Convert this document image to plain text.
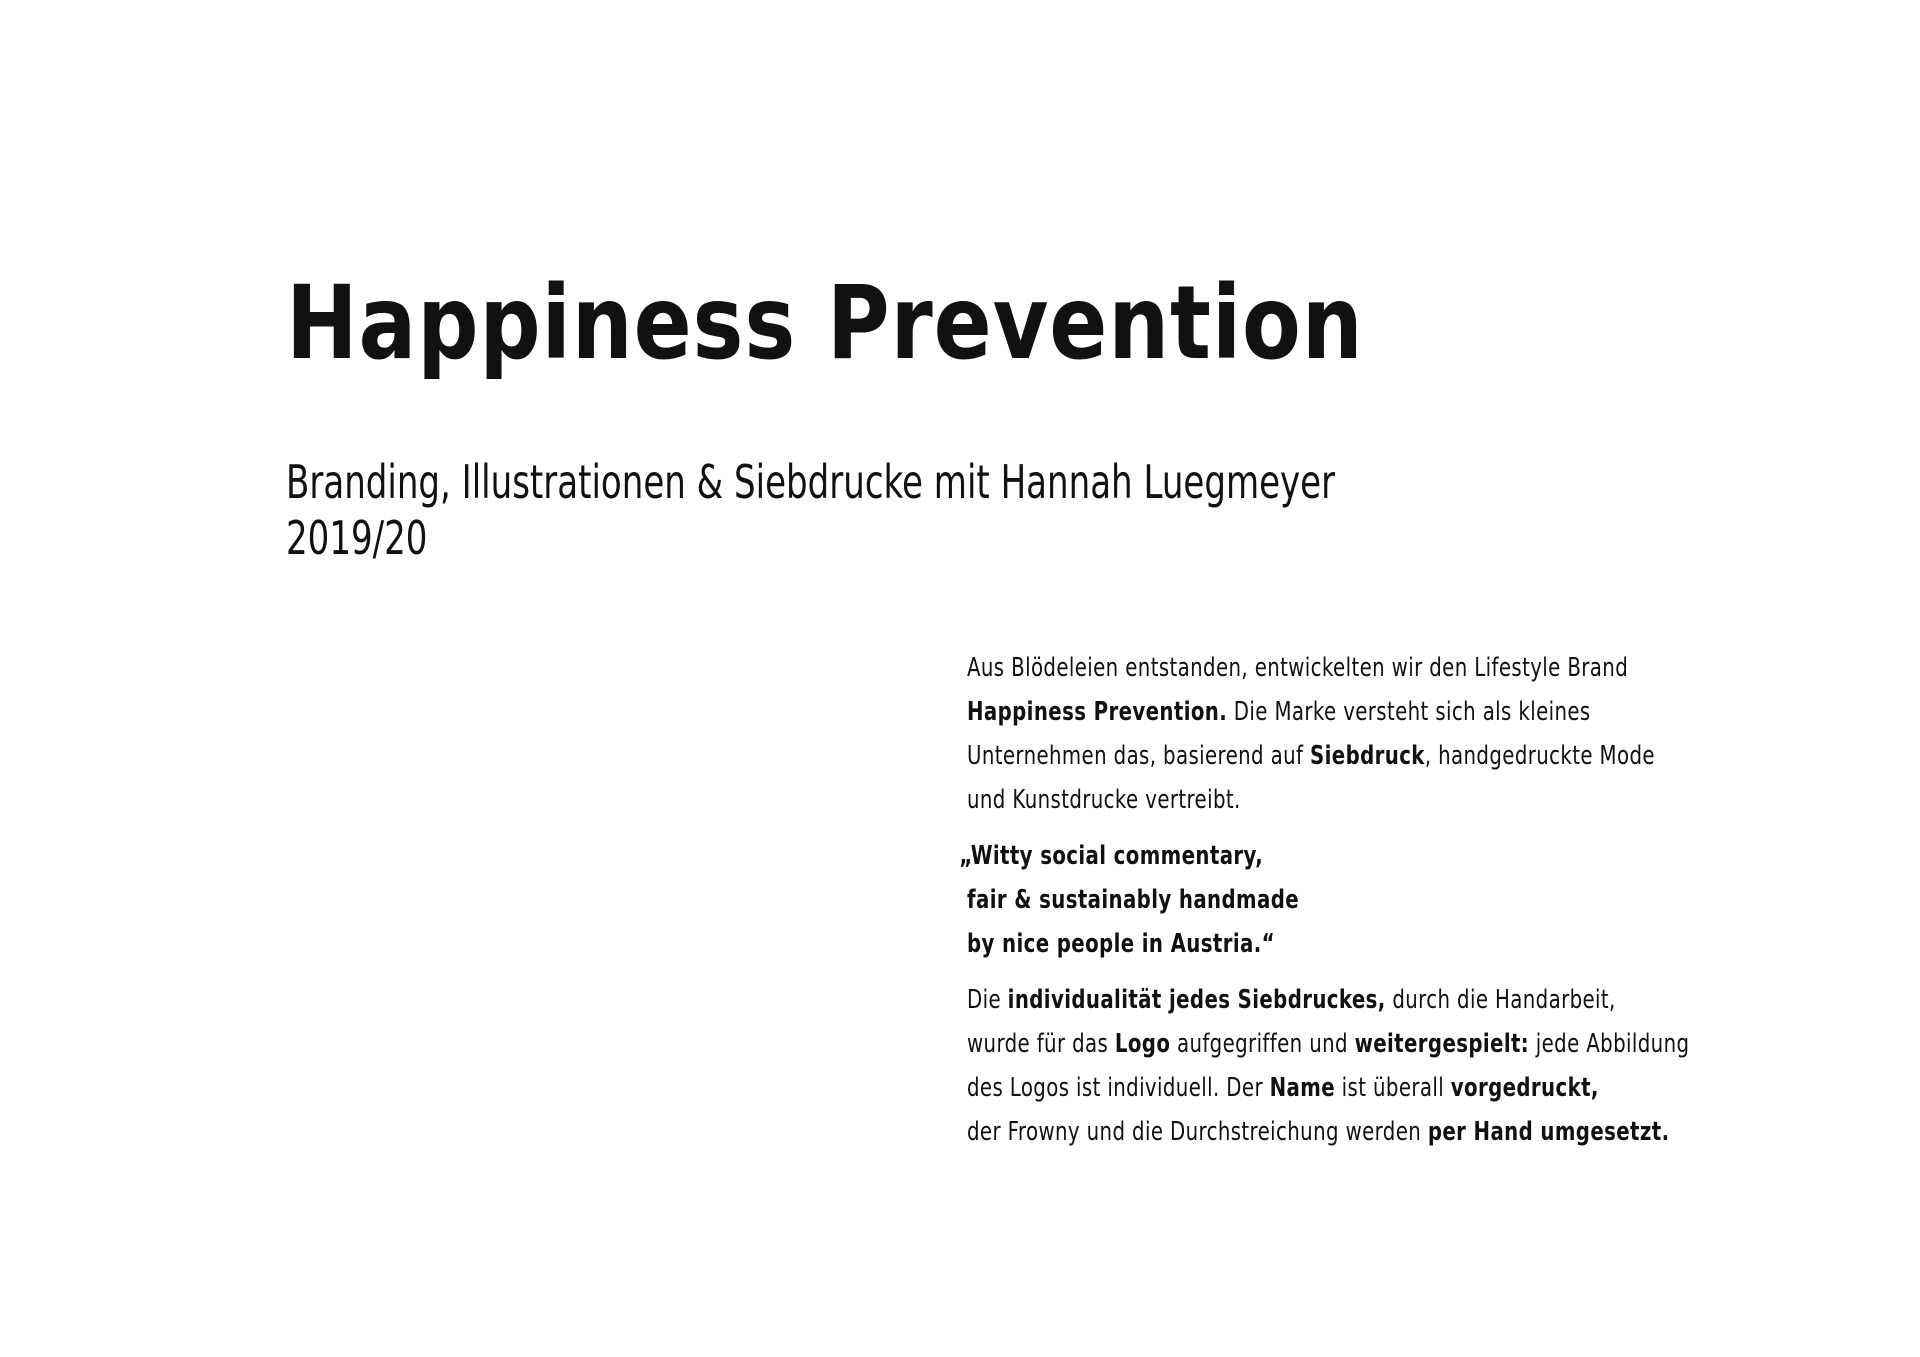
Happiness Prevention
Branding, Illustrationen & Siebdrucke mit Hannah Luegmeyer
2019/20

Aus Blödeleien entstanden, entwickelten wir den Lifestyle Brand
Happiness Prevention. Die Marke versteht sich als kleines
Unternehmen das, basierend auf Siebdruck, handgedruckte Mode
und Kunstdrucke vertreibt.

„Witty social commentary,
fair & sustainably handmade
by nice people in Austria.“

Die individualität jedes Siebdruckes, durch die Handarbeit,
wurde für das Logo aufgegriffen und weitergespielt: jede Abbildung
des Logos ist individuell. Der Name ist überall vorgedruckt,
der Frowny und die Durchstreichung werden per Hand umgesetzt.
